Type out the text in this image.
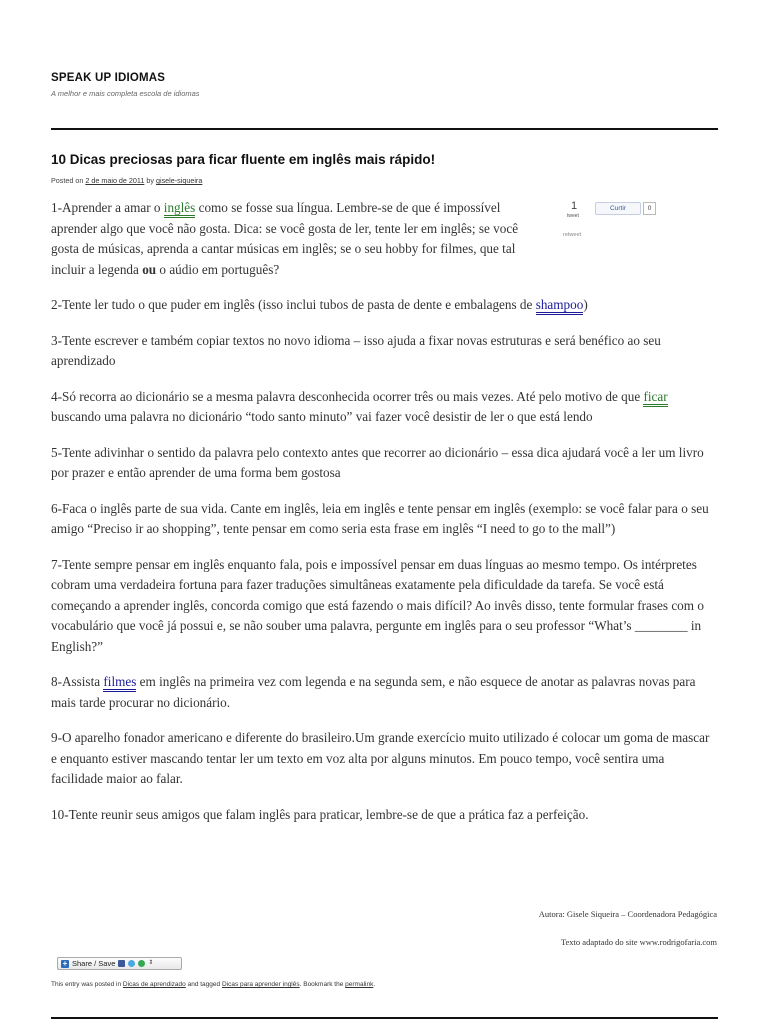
SPEAK UP IDIOMAS
A melhor e mais completa escola de idiomas
10 Dicas preciosas para ficar fluente em inglês mais rápido!
Posted on 2 de maio de 2011 by gisele-siqueira
1
tweet
retweet
Curtir	0

1-Aprender a amar o inglês como se fosse sua língua. Lembre-se de que é impossível aprender algo que você não gosta. Dica: se você gosta de ler, tente ler em inglês; se você gosta de músicas, aprenda a cantar músicas em inglês; se o seu hobby for filmes, que tal incluir a legenda ou o aúdio em português?

2-Tente ler tudo o que puder em inglês (isso inclui tubos de pasta de dente e embalagens de shampoo)

3-Tente escrever e também copiar textos no novo idioma – isso ajuda a fixar novas estruturas e será benéfico ao seu aprendizado

4-Só recorra ao dicionário se a mesma palavra desconhecida ocorrer três ou mais vezes. Até pelo motivo de que ficar buscando uma palavra no dicionário “todo santo minuto” vai fazer você desistir de ler o que está lendo

5-Tente adivinhar o sentido da palavra pelo contexto antes que recorrer ao dicionário – essa dica ajudará você a ler um livro por prazer e então aprender de uma forma bem gostosa

6-Faca o inglês parte de sua vida. Cante em inglês, leia em inglês e tente pensar em inglês (exemplo: se você falar para o seu amigo “Preciso ir ao shopping”, tente pensar em como seria esta frase em inglês “I need to go to the mall”)

7-Tente sempre pensar em inglês enquanto fala, pois e impossível pensar em duas línguas ao mesmo tempo. Os intérpretes cobram uma verdadeira fortuna para fazer traduções simultâneas exatamente pela dificuldade da tarefa. Se você está começando a aprender inglês, concorda comigo que está fazendo o mais difícil? Ao invês disso, tente formular frases com o vocabulário que você já possui e, se não souber uma palavra, pergunte em inglês para o seu professor “What’s ________ in English?”

8-Assista filmes em inglês na primeira vez com legenda e na segunda sem, e não esquece de anotar as palavras novas para mais tarde procurar no dicionário.

9-O aparelho fonador americano e diferente do brasileiro.Um grande exercício muito utilizado é colocar um goma de mascar e enquanto estiver mascando tentar ler um texto em voz alta por alguns minutos. Em pouco tempo, você sentira uma facilidade maior ao falar.

10-Tente reunir seus amigos que falam inglês para praticar, lembre-se de que a prática faz a perfeição.

Autora: Gisele Siqueira – Coordenadora Pedagógica
Texto adaptado do site www.rodrigofaria.com
+ Share / Save	⇕
This entry was posted in Dicas de aprendizado and tagged Dicas para aprender inglês. Bookmark the permalink.
